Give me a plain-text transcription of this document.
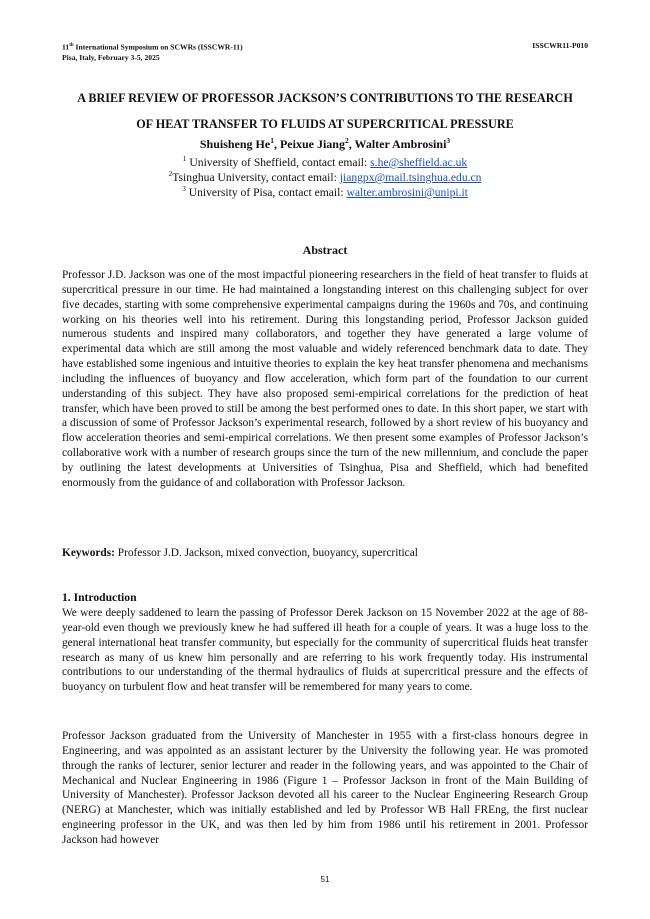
11th International Symposium on SCWRs (ISSCWR-11)
Pisa, Italy, February 3-5, 2025
ISSCWR11-P010
A BRIEF REVIEW OF PROFESSOR JACKSON’S CONTRIBUTIONS TO THE RESEARCH
OF HEAT TRANSFER TO FLUIDS AT SUPERCRITICAL PRESSURE
Shuisheng He$^1$, Peixue Jiang$^2$, Walter Ambrosini$^3$
$^1$ University of Sheffield, contact email: s.he@sheffield.ac.uk
$^2$Tsinghua University, contact email: jiangpx@mail.tsinghua.edu.cn
$^3$ University of Pisa, contact email: walter.ambrosini@unipi.it
Abstract
Professor J.D. Jackson was one of the most impactful pioneering researchers in the field of heat transfer to fluids at supercritical pressure in our time. He had maintained a longstanding interest on this challenging subject for over five decades, starting with some comprehensive experimental campaigns during the 1960s and 70s, and continuing working on his theories well into his retirement. During this longstanding period, Professor Jackson guided numerous students and inspired many collaborators, and together they have generated a large volume of experimental data which are still among the most valuable and widely referenced benchmark data to date. They have established some ingenious and intuitive theories to explain the key heat transfer phenomena and mechanisms including the influences of buoyancy and flow acceleration, which form part of the foundation to our current understanding of this subject. They have also proposed semi-empirical correlations for the prediction of heat transfer, which have been proved to still be among the best performed ones to date. In this short paper, we start with a discussion of some of Professor Jackson’s experimental research, followed by a short review of his buoyancy and flow acceleration theories and semi-empirical correlations. We then present some examples of Professor Jackson’s collaborative work with a number of research groups since the turn of the new millennium, and conclude the paper by outlining the latest developments at Universities of Tsinghua, Pisa and Sheffield, which had benefited enormously from the guidance of and collaboration with Professor Jackson.
Keywords: Professor J.D. Jackson, mixed convection, buoyancy, supercritical
1. Introduction
We were deeply saddened to learn the passing of Professor Derek Jackson on 15 November 2022 at the age of 88-year-old even though we previously knew he had suffered ill heath for a couple of years. It was a huge loss to the general international heat transfer community, but especially for the community of supercritical fluids heat transfer research as many of us knew him personally and are referring to his work frequently today. His instrumental contributions to our understanding of the thermal hydraulics of fluids at supercritical pressure and the effects of buoyancy on turbulent flow and heat transfer will be remembered for many years to come.
Professor Jackson graduated from the University of Manchester in 1955 with a first-class honours degree in Engineering, and was appointed as an assistant lecturer by the University the following year. He was promoted through the ranks of lecturer, senior lecturer and reader in the following years, and was appointed to the Chair of Mechanical and Nuclear Engineering in 1986 (Figure 1 – Professor Jackson in front of the Main Building of University of Manchester). Professor Jackson devoted all his career to the Nuclear Engineering Research Group (NERG) at Manchester, which was initially established and led by Professor WB Hall FREng, the first nuclear engineering professor in the UK, and was then led by him from 1986 until his retirement in 2001. Professor Jackson had however
51
